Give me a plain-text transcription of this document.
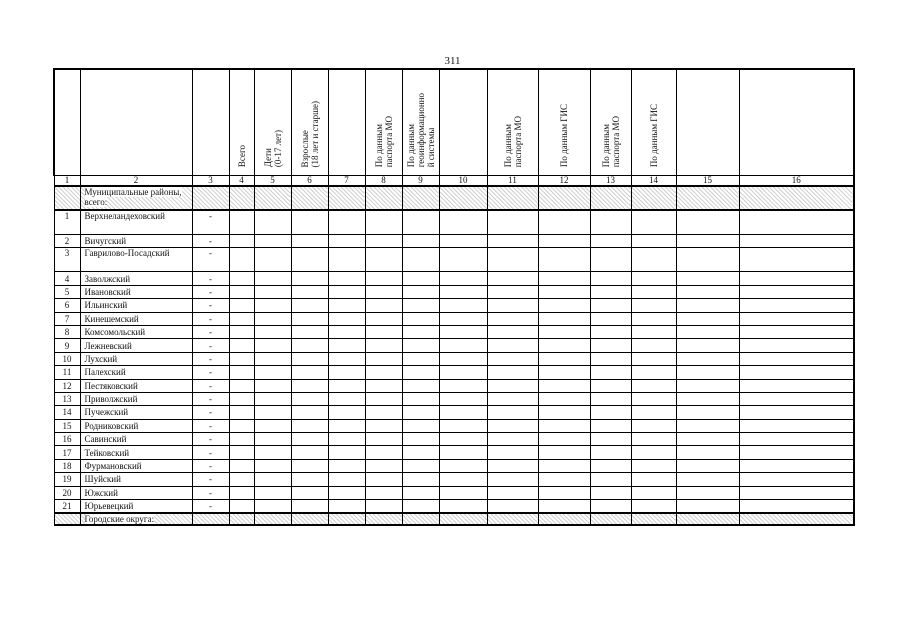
311

			Всего	Дети
(0-17 лет)	Взрослые
(18 лет и старше)		По данным
паспорта МО	По данным
геоинформационно
й системы		По данным
паспорта МО	По данным ГИС	По данным
паспорта МО	По данным ГИС		

1	2	3	4	5	6	7	8	9	10	11	12	13	14	15	16
	Муниципальные районы, всего:														
1	Верхнеландеховский	-													
2	Вичугский	-													
3	Гаврилово-Посадский	-													
4	Заволжский	-													
5	Ивановский	-													
6	Ильинский	-													
7	Кинешемский	-													
8	Комсомольский	-													
9	Лежневский	-													
10	Лухский	-													
11	Палехский	-													
12	Пестяковский	-													
13	Приволжский	-													
14	Пучежский	-													
15	Родниковский	-													
16	Савинский	-													
17	Тейковский	-													
18	Фурмановский	-													
19	Шуйский	-													
20	Южский	-													
21	Юрьевецкий	-													
	Городские округа:														
